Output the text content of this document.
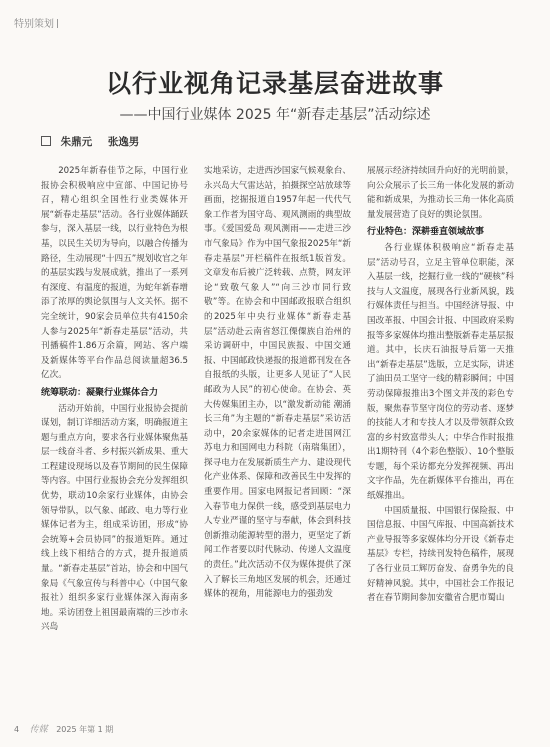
特别策划
以行业视角记录基层奋进故事
——中国行业媒体 2025 年“新春走基层”活动综述
朱鼎元 张逸男

2025年新春佳节之际，中国行业报协会积极响应中宣部、中国记协号召，精心组织全国性行业类媒体开展“新春走基层”活动。各行业媒体踊跃参与，深入基层一线，以行业特色为根基，以民生关切为导向，以融合传播为路径，生动展现“十四五”规划收官之年的基层实践与发展成就，推出了一系列有深度、有温度的报道，为蛇年新春增添了浓厚的舆论氛围与人文关怀。据不完全统计，90家会员单位共有4150余人参与2025年“新春走基层”活动，共刊播稿件1.86万余篇，网站、客户端及新媒体等平台作品总阅读量超36.5亿次。

统筹联动：凝聚行业媒体合力

活动开始前，中国行业报协会提前谋划，制订详细活动方案，明确报道主题与重点方向，要求各行业媒体聚焦基层一线奋斗者、乡村振兴新成果、重大工程建设现场以及春节期间的民生保障等内容。中国行业报协会充分发挥组织优势，联动10余家行业媒体，由协会领导带队，以气象、邮政、电力等行业媒体记者为主，组成采访团，形成“协会统筹+会员协同”的报道矩阵。通过线上线下相结合的方式，提升报道质量。“新春走基层”首站，协会和中国气象局《气象宣传与科普中心（中国气象报社）组织多家行业媒体深入海南多地。采访团登上祖国最南端的三沙市永兴岛

实地采访，走进西沙国家气候观象台、永兴岛大气雷达站，拍摄探空站放球等画面，挖掘报道自1957年起一代代气象工作者为国守岛、观风测雨的典型故事。《爱国爱岛 观风测雨——走进三沙市气象局》作为中国气象报2025年“新春走基层”开栏稿件在报纸1版首发。文章发布后被广泛转载、点赞，网友评论“致敬气象人”“向三沙市同行致敬”等。在协会和中国邮政报联合组织的2025年中央行业媒体“新春走基层”活动赴云南省怒江傈僳族自治州的采访调研中，中国民族报、中国交通报、中国邮政快递报的报道都刊发在各自报纸的头版，让更多人见证了“人民邮政为人民”的初心使命。在协会、英大传媒集团主办，以“激发新动能 潮涌长三角”为主题的“新春走基层”采访活动中，20余家媒体的记者走进国网江苏电力和国网电力科院（南瑞集团），探寻电力在发展新质生产力、建设现代化产业体系、保障和改善民生中发挥的重要作用。国家电网报记者回顾：“深入春节电力保供一线，感受到基层电力人专业严谨的坚守与奉献，体会到科技创新推动能源转型的潜力，更坚定了新闻工作者要以时代脉动、传递人文温度的责任。”此次活动不仅为媒体提供了深入了解长三角地区发展的机会，还通过媒体的视角，用能源电力的强劲发

展展示经济持续回升向好的光明前景，向公众展示了长三角一体化发展的新动能和新成果，为推动长三角一体化高质量发展营造了良好的舆论氛围。

行业特色：深耕垂直领域故事

各行业媒体积极响应“新春走基层”活动号召，立足主管单位职能，深入基层一线，挖掘行业一线的“硬核”科技与人文温度，展现各行业新风貌，践行媒体责任与担当。中国经济导报、中国改革报、中国会计报、中国政府采购报等多家媒体均推出整版新春走基层报道。其中，长庆石油报导后第一天推出“新春走基层”选版，立足实际，讲述了油田员工坚守一线的精彩瞬间；中国劳动保障报推出3个图文并茂的彩色专版，聚焦春节坚守岗位的劳动者、逐梦的技能人才和专技人才以及带领群众致富的乡村致富带头人；中华合作时报推出1期特刊（4个彩色整版）、10个整版专题，每个采访都充分发挥视频、再出文字作品，先在新媒体平台推出，再在纸媒推出。

中国质量报、中国银行保险报、中国信息报、中国气库报、中国高新技术产业导报等多家媒体均分开设《新春走基层》专栏，持续刊发特色稿件，展现了各行业员工辉厉奋发、奋勇争先的良好精神风貌。其中，中国社会工作报记者在春节期间参加安徽省合肥市蜀山

4 传媒 2025 年第 1 期
